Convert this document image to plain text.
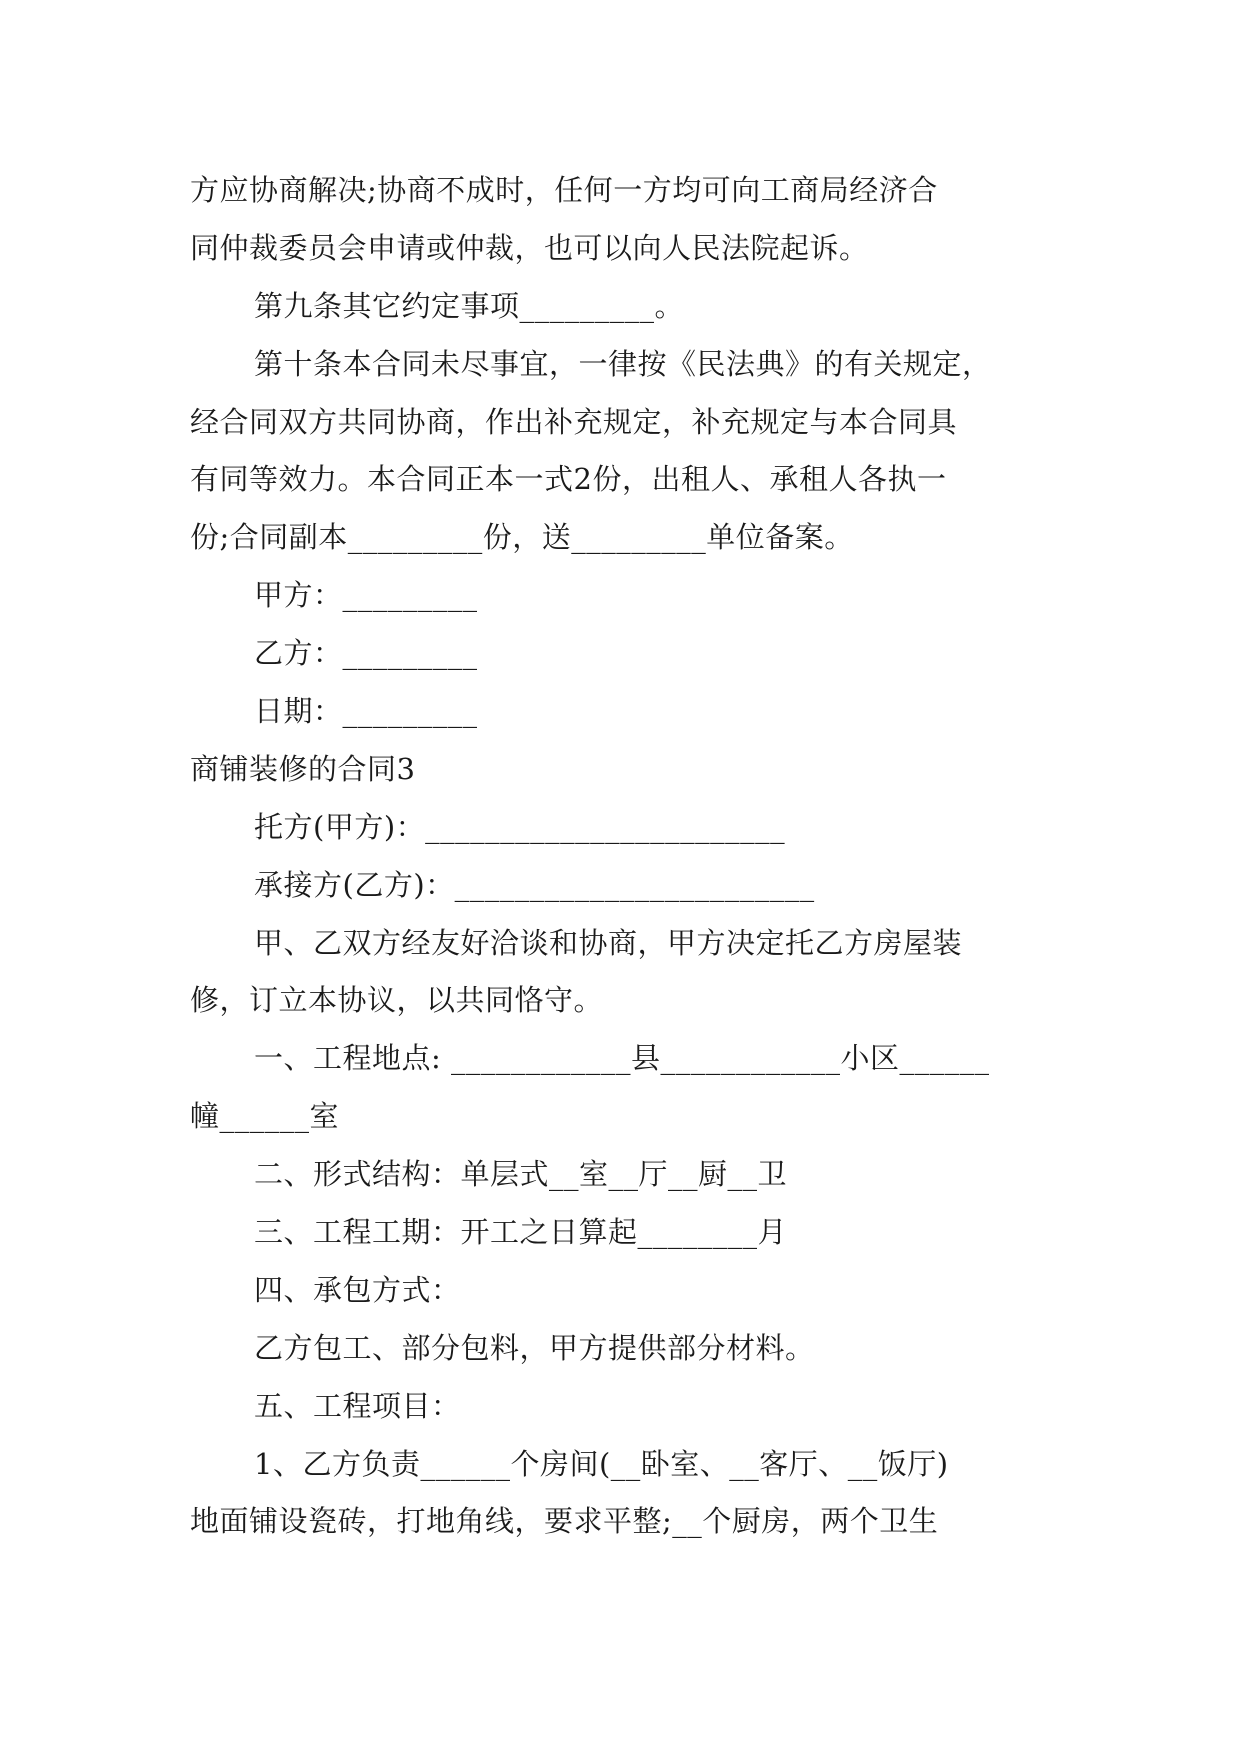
方应协商解决;协商不成时，任何一方均可向工商局经济合
同仲裁委员会申请或仲裁，也可以向人民法院起诉。
第九条其它约定事项_________。
第十条本合同未尽事宜，一律按《民法典》的有关规定，
经合同双方共同协商，作出补充规定，补充规定与本合同具
有同等效力。本合同正本一式2份，出租人、承租人各执一
份;合同副本_________份，送_________单位备案。
甲方：_________
乙方：_________
日期：_________
商铺装修的合同3
托方(甲方)：________________________
承接方(乙方)：________________________
甲、乙双方经友好洽谈和协商，甲方决定托乙方房屋装
修，订立本协议，以共同恪守。
一、工程地点: ____________县____________小区______
幢______室
二、形式结构：单层式__室__厅__厨__卫
三、工程工期：开工之日算起________月
四、承包方式：
乙方包工、部分包料，甲方提供部分材料。
五、工程项目：
1、乙方负责______个房间(__卧室、__客厅、__饭厅)
地面铺设瓷砖，打地角线，要求平整;__个厨房，两个卫生
